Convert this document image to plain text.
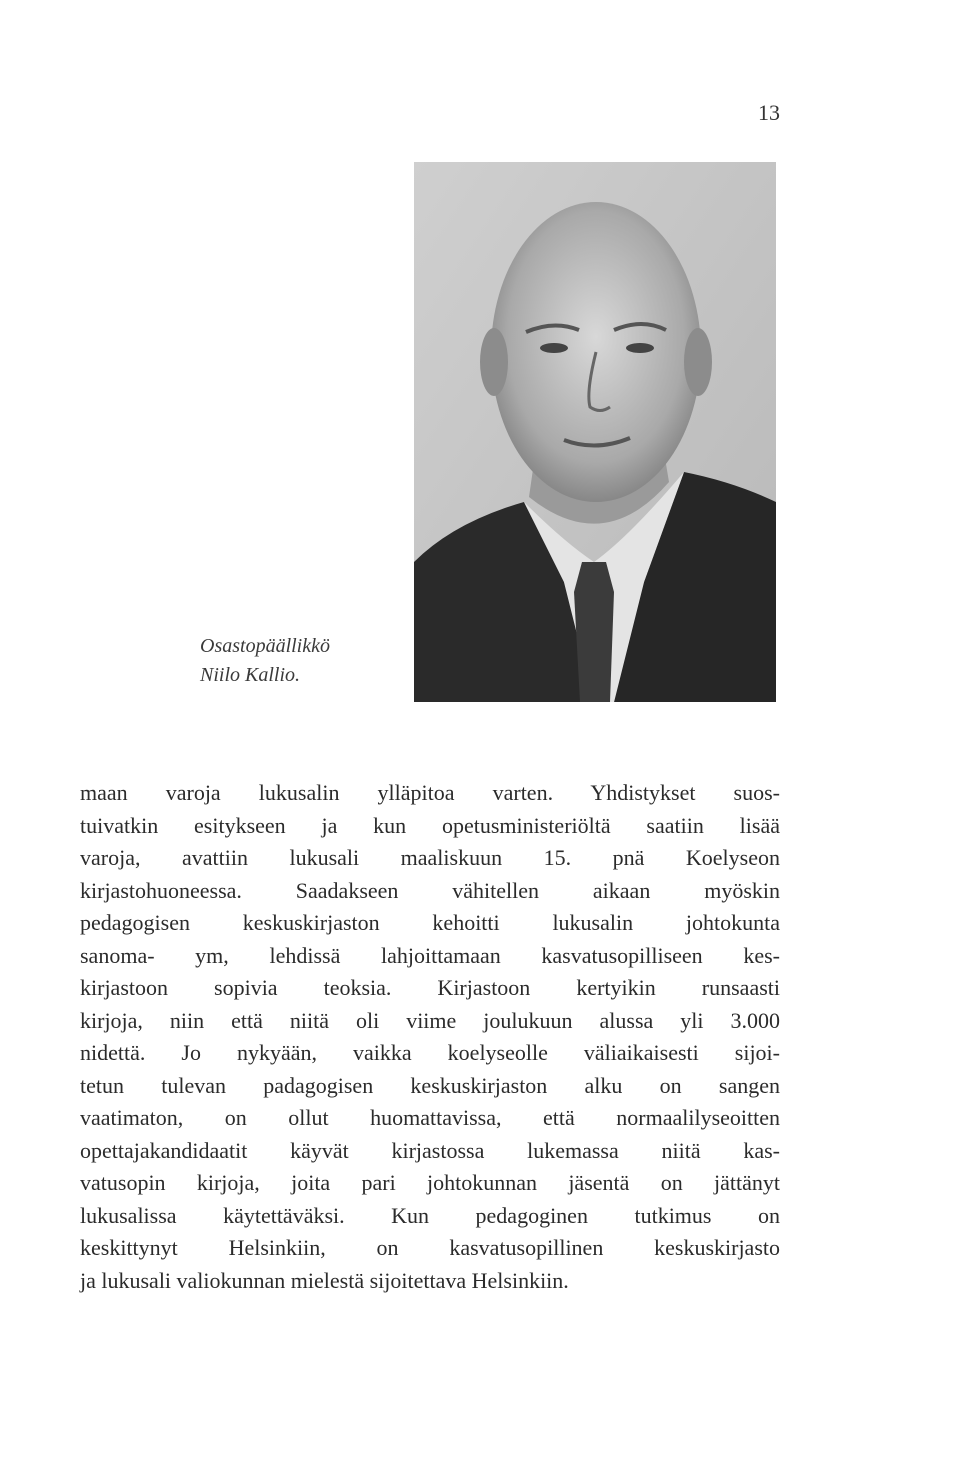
13
Osastopäällikkö
Niilo Kallio.
maan varoja lukusalin ylläpitoa varten. Yhdistykset suos-
tuivatkin esitykseen ja kun opetusministeriöltä saatiin lisää
varoja, avattiin lukusali maaliskuun 15. pnä Koelyseon
kirjastohuoneessa. Saadakseen vähitellen aikaan myöskin
pedagogisen keskuskirjaston kehoitti lukusalin johtokunta
sanoma- ym, lehdissä lahjoittamaan kasvatusopilliseen kes-
kirjastoon sopivia teoksia. Kirjastoon kertyikin runsaasti
kirjoja, niin että niitä oli viime joulukuun alussa yli 3.000
nidettä. Jo nykyään, vaikka koelyseolle väliaikaisesti sijoi-
tetun tulevan padagogisen keskuskirjaston alku on sangen
vaatimaton, on ollut huomattavissa, että normaalilyseoitten
opettajakandidaatit käyvät kirjastossa lukemassa niitä kas-
vatusopin kirjoja, joita pari johtokunnan jäsentä on jättänyt
lukusalissa käytettäväksi. Kun pedagoginen tutkimus on
keskittynyt Helsinkiin, on kasvatusopillinen keskuskirjasto
ja lukusali valiokunnan mielestä sijoitettava Helsinkiin.
